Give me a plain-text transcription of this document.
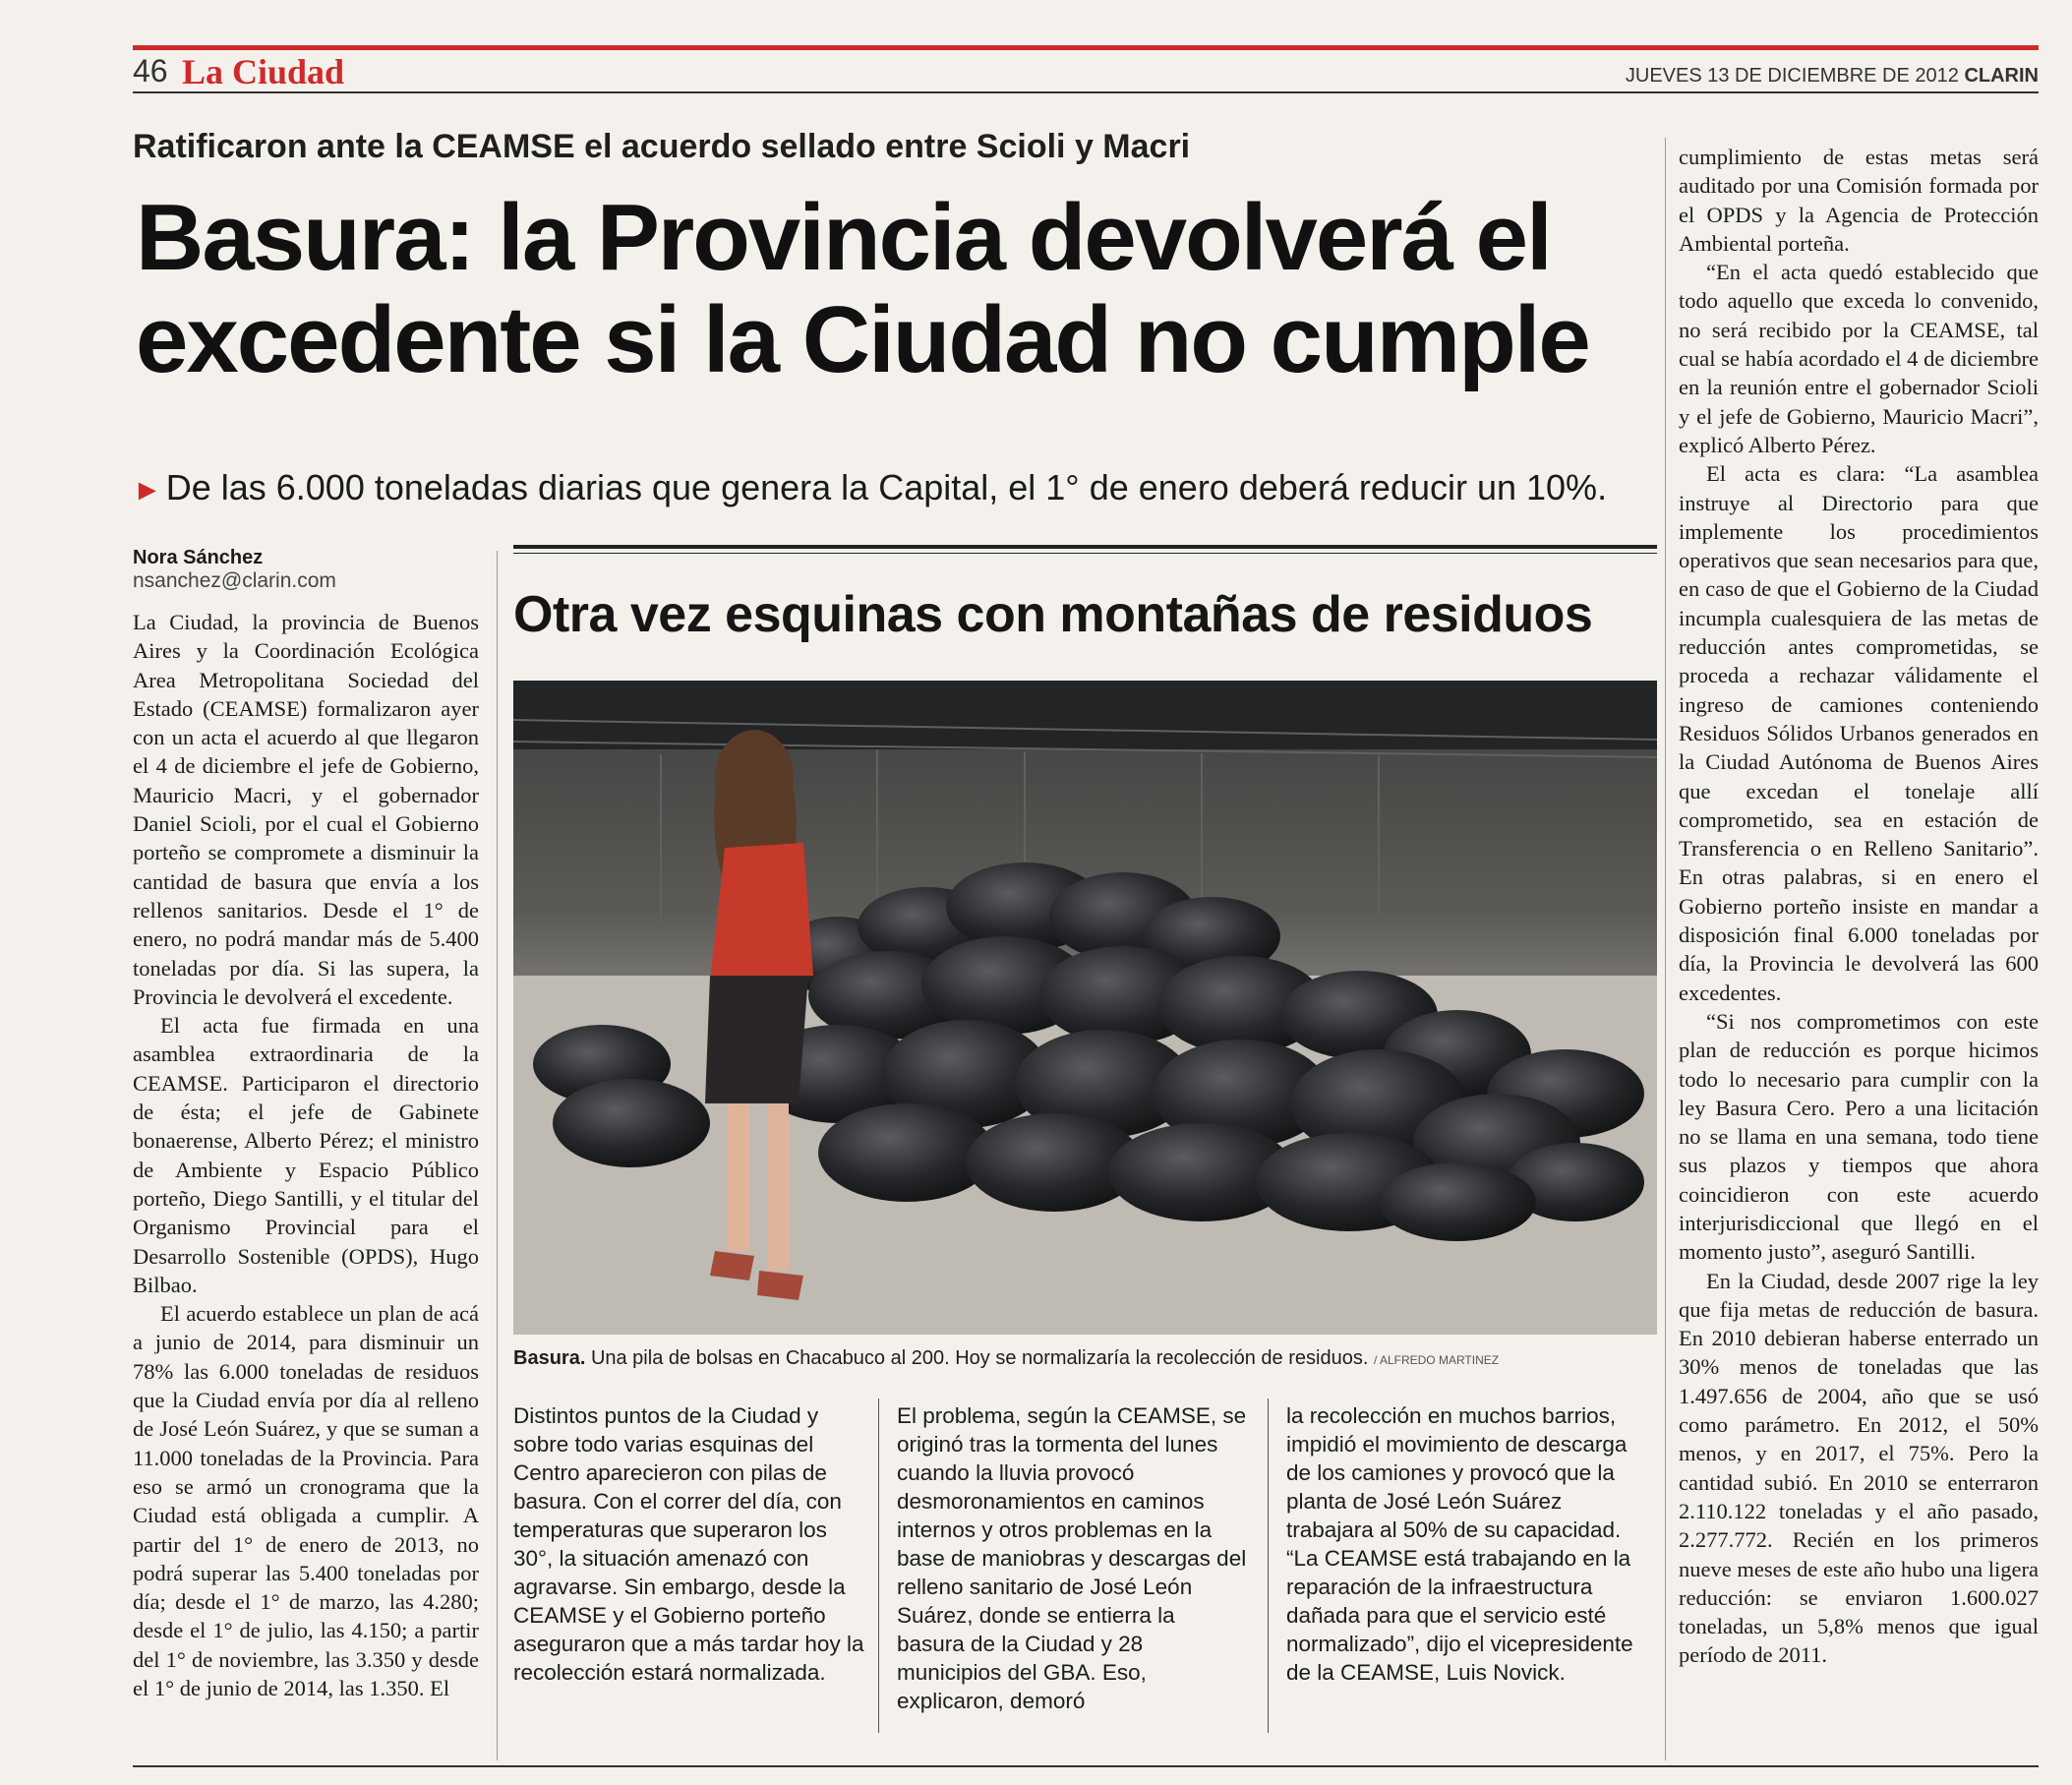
46 La Ciudad	JUEVES 13 DE DICIEMBRE DE 2012 CLARIN
Ratificaron ante la CEAMSE el acuerdo sellado entre Scioli y Macri
Basura: la Provincia devolverá el
excedente si la Ciudad no cumple
► De las 6.000 toneladas diarias que genera la Capital, el 1° de enero deberá reducir un 10%.
Nora Sánchez
nsanchez@clarin.com

La Ciudad, la provincia de Buenos Aires y la Coordinación Ecológica Area Metropolitana Sociedad del Estado (CEAMSE) formalizaron ayer con un acta el acuerdo al que llegaron el 4 de diciembre el jefe de Gobierno, Mauricio Macri, y el gobernador Daniel Scioli, por el cual el Gobierno porteño se compromete a disminuir la cantidad de basura que envía a los rellenos sanitarios. Desde el 1° de enero, no podrá mandar más de 5.400 toneladas por día. Si las supera, la Provincia le devolverá el excedente.

El acta fue firmada en una asamblea extraordinaria de la CEAMSE. Participaron el directorio de ésta; el jefe de Gabinete bonaerense, Alberto Pérez; el ministro de Ambiente y Espacio Público porteño, Diego Santilli, y el titular del Organismo Provincial para el Desarrollo Sostenible (OPDS), Hugo Bilbao.

El acuerdo establece un plan de acá a junio de 2014, para disminuir un 78% las 6.000 toneladas de residuos que la Ciudad envía por día al relleno de José León Suárez, y que se suman a 11.000 toneladas de la Provincia. Para eso se armó un cronograma que la Ciudad está obligada a cumplir. A partir del 1° de enero de 2013, no podrá superar las 5.400 toneladas por día; desde el 1° de marzo, las 4.280; desde el 1° de julio, las 4.150; a partir del 1° de noviembre, las 3.350 y desde el 1° de junio de 2014, las 1.350. El

cumplimiento de estas metas será auditado por una Comisión formada por el OPDS y la Agencia de Protección Ambiental porteña.

“En el acta quedó establecido que todo aquello que exceda lo convenido, no será recibido por la CEAMSE, tal cual se había acordado el 4 de diciembre en la reunión entre el gobernador Scioli y el jefe de Gobierno, Mauricio Macri”, explicó Alberto Pérez.

El acta es clara: “La asamblea instruye al Directorio para que implemente los procedimientos operativos que sean necesarios para que, en caso de que el Gobierno de la Ciudad incumpla cualesquiera de las metas de reducción antes comprometidas, se proceda a rechazar válidamente el ingreso de camiones conteniendo Residuos Sólidos Urbanos generados en la Ciudad Autónoma de Buenos Aires que excedan el tonelaje allí comprometido, sea en estación de Transferencia o en Relleno Sanitario”. En otras palabras, si en enero el Gobierno porteño insiste en mandar a disposición final 6.000 toneladas por día, la Provincia le devolverá las 600 excedentes.

“Si nos comprometimos con este plan de reducción es porque hicimos todo lo necesario para cumplir con la ley Basura Cero. Pero a una licitación no se llama en una semana, todo tiene sus plazos y tiempos que ahora coincidieron con este acuerdo interjurisdiccional que llegó en el momento justo”, aseguró Santilli.

En la Ciudad, desde 2007 rige la ley que fija metas de reducción de basura. En 2010 debieran haberse enterrado un 30% menos de toneladas que las 1.497.656 de 2004, año que se usó como parámetro. En 2012, el 50% menos, y en 2017, el 75%. Pero la cantidad subió. En 2010 se enterraron 2.110.122 toneladas y el año pasado, 2.277.772. Recién en los primeros nueve meses de este año hubo una ligera reducción: se enviaron 1.600.027 toneladas, un 5,8% menos que igual período de 2011.

Otra vez esquinas con montañas de residuos
Basura. Una pila de bolsas en Chacabuco al 200. Hoy se normalizaría la recolección de residuos. / ALFREDO MARTINEZ
Distintos puntos de la Ciudad y sobre todo varias esquinas del Centro aparecieron con pilas de basura. Con el correr del día, con temperaturas que superaron los 30°, la situación amenazó con agravarse. Sin embargo, desde la CEAMSE y el Gobierno porteño aseguraron que a más tardar hoy la recolección estará normalizada.
El problema, según la CEAMSE, se originó tras la tormenta del lunes cuando la lluvia provocó desmoronamientos en caminos internos y otros problemas en la base de maniobras y descargas del relleno sanitario de José León Suárez, donde se entierra la basura de la Ciudad y 28 municipios del GBA. Eso, explicaron, demoró
la recolección en muchos barrios, impidió el movimiento de descarga de los camiones y provocó que la planta de José León Suárez trabajara al 50% de su capacidad. “La CEAMSE está trabajando en la reparación de la infraestructura dañada para que el servicio esté normalizado”, dijo el vicepresidente de la CEAMSE, Luis Novick.
